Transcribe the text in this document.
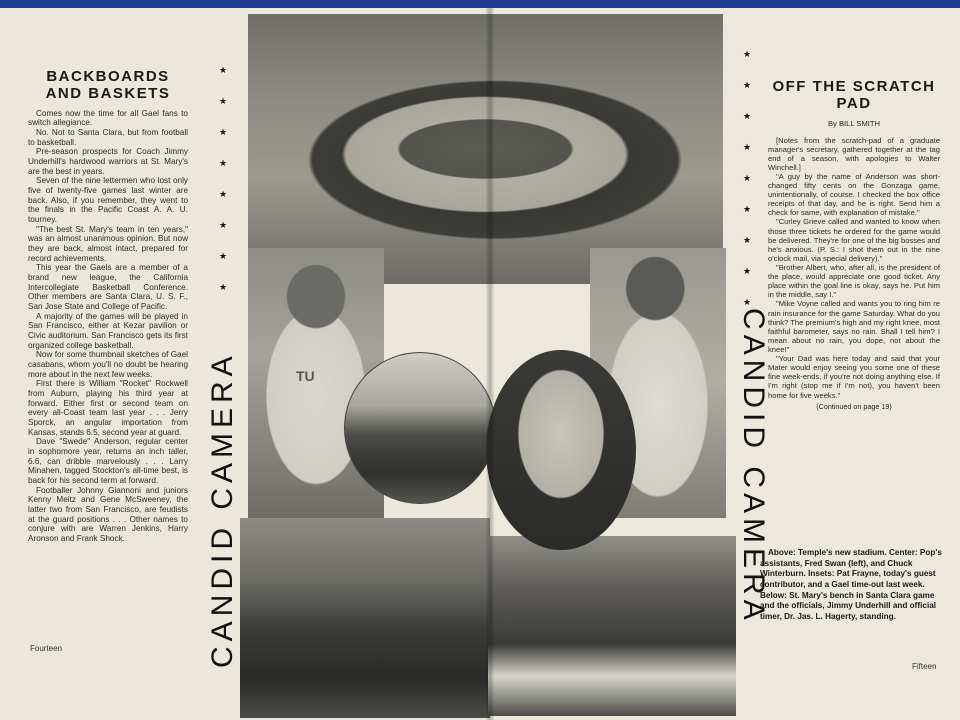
BACKBOARDS AND BASKETS

Comes now the time for all Gael fans to switch allegiance.

No. Not to Santa Clara, but from football to basketball.

Pre-season prospects for Coach Jimmy Underhill's hardwood warriors at St. Mary's are the best in years.

Seven of the nine lettermen who lost only five of twenty-five games last winter are back. Also, if you remember, they went to the finals in the Pacific Coast A. A. U. tourney.

"The best St. Mary's team in ten years," was an almost unanimous opinion. But now they are back, almost intact, prepared for record achievements.

This year the Gaels are a member of a brand new league, the California Intercollegiate Basketball Conference. Other members are Santa Clara, U. S. F., San Jose State and College of Pacific.

A majority of the games will be played in San Francisco, either at Kezar pavilion or Civic auditorium. San Francisco gets its first organized college basketball.

Now for some thumbnail sketches of Gael casabans, whom you'll no doubt be hearing more about in the next few weeks.

First there is William "Rocket" Rockwell from Auburn, playing his third year at forward. Either first or second team on every all-Coast team last year . . . Jerry Sporck, an angular importation from Kansas, stands 6.5, second year at guard.

Dave "Swede" Anderson, regular center in sophomore year, returns an inch taller, 6.6, can dribble marvelously . . . Larry Minahen, tagged Stockton's all-time best, is back for his second term at forward.

Footballer Johnny Giannoni and juniors Kenny Meitz and Gene McSweeney, the latter two from San Francisco, are feudists at the guard positions . . . Other names to conjure with are Warren Jenkins, Harry Aronson and Frank Shock.

Fourteen
★
★
★
★
★
★
★
★
CANDID CAMERA	TU
★
★
★
★
★
★
★
★
★
CANDID CAMERA
OFF THE SCRATCH PAD

By BILL SMITH

[Notes from the scratch-pad of a graduate manager's secretary, gathered together at the tag end of a season, with apologies to Walter Winchell.]

"A guy by the name of Anderson was short-changed fifty cents on the Gonzaga game, unintentionally, of course. I checked the box office receipts of that day, and he is right. Send him a check for same, with explanation of mistake."

"Curley Grieve called and wanted to know when those three tickets he ordered for the game would be delivered. They're for one of the big bosses and he's anxious. (P. S.: I shot them out in the nine o'clock mail, via special delivery)."

"Brother Albert, who, after all, is the president of the place, would appreciate one good ticket. Any place within the goal line is okay, says he. Put him in the middle, say I."

"Mike Voyne called and wants you to ring him re rain insurance for the game Saturday. What do you think? The premium's high and my right knee, most faithful barometer, says no rain. Shall I tell him? I mean about no rain, you dope, not about the knee!"

"Your Dad was here today and said that your Mater would enjoy seeing you some one of these fine week-ends, if you're not doing anything else. If I'm right (stop me if I'm not), you haven't been home for five weeks."

(Continued on page 19)

Above: Temple's new stadium. Center: Pop's assistants, Fred Swan (left), and Chuck Winterburn. Insets: Pat Frayne, today's guest contributor, and a Gael time-out last week. Below: St. Mary's bench in Santa Clara game and the officials, Jimmy Underhill and official timer, Dr. Jas. L. Hagerty, standing.
Fifteen
